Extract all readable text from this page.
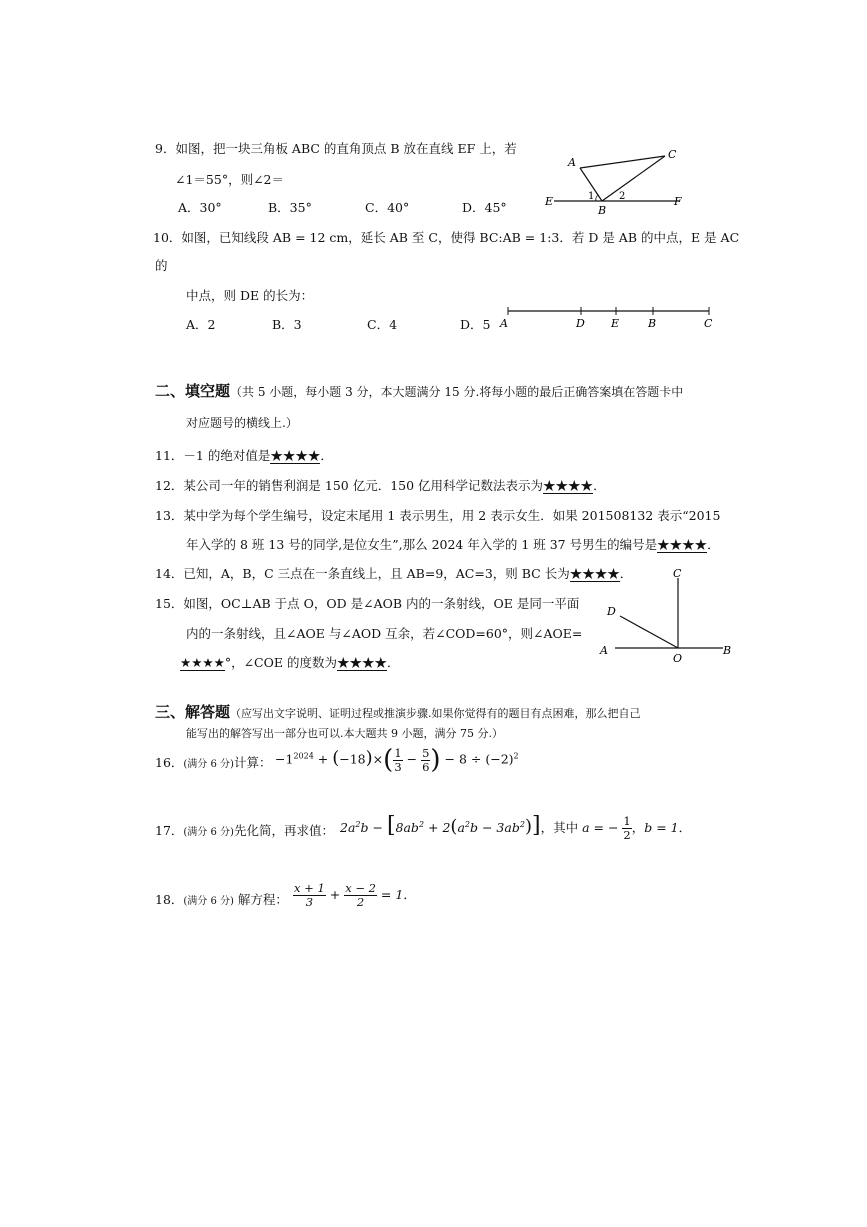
9．如图，把一块三角板 ABC 的直角顶点 B 放在直线 EF 上，若
∠1＝55°，则∠2＝
A．30°	B．35°	C．40°	D．45°
A
C
B
E	F
1 2
10．如图，已知线段 AB = 12 cm，延长 AB 至 C，使得 BC:AB = 1:3．若 D 是 AB 的中点，E 是 AC
的
中点，则 DE 的长为：
A．2	B．3	C．4	D．5 A	D E	B	C
二、填空题（共 5 小题，每小题 3 分，本大题满分 15 分.将每小题的最后正确答案填在答题卡中
对应题号的横线上.）
11．－1 的绝对值是★★★★．
12．某公司一年的销售利润是 150 亿元．150 亿用科学记数法表示为★★★★．
13．某中学为每个学生编号，设定末尾用 1 表示男生，用 2 表示女生．如果 201508132 表示“2015
年入学的 8 班 13 号的同学,是位女生”,那么 2024 年入学的 1 班 37 号男生的编号是★★★★．
14．已知，A，B，C 三点在一条直线上，且 AB=9，AC=3，则 BC 长为★★★★．
15．如图，OC⊥AB 于点 O，OD 是∠AOB 内的一条射线，OE 是同一平面
内的一条射线，且∠AOE 与∠AOD 互余，若∠COD=60°，则∠AOE=
★★★★°，∠COE 的度数为★★★★．
C
D
A
O
B
三、解答题（应写出文字说明、证明过程或推演步骤.如果你觉得有的题目有点困难，那么把自己
能写出的解答写出一部分也可以.本大题共 9 小题，满分 75 分.）
16．(满分 6 分)计算： $-1^{2024} + (-18)\times( \frac{1}{3} - \frac{5}{6}$ ) − $8 \div (-2)^2$
17．(满分 6 分)先化简，再求值： $2a^2b - [8ab^2 + 2(a^2b - 3ab^2)]$，其中 a = − $\frac{1}{2}$ ，b = 1．
18．(满分 6 分) 解方程： $\frac{x + 1}{3} + \frac{x - 2}{2} = 1$．
